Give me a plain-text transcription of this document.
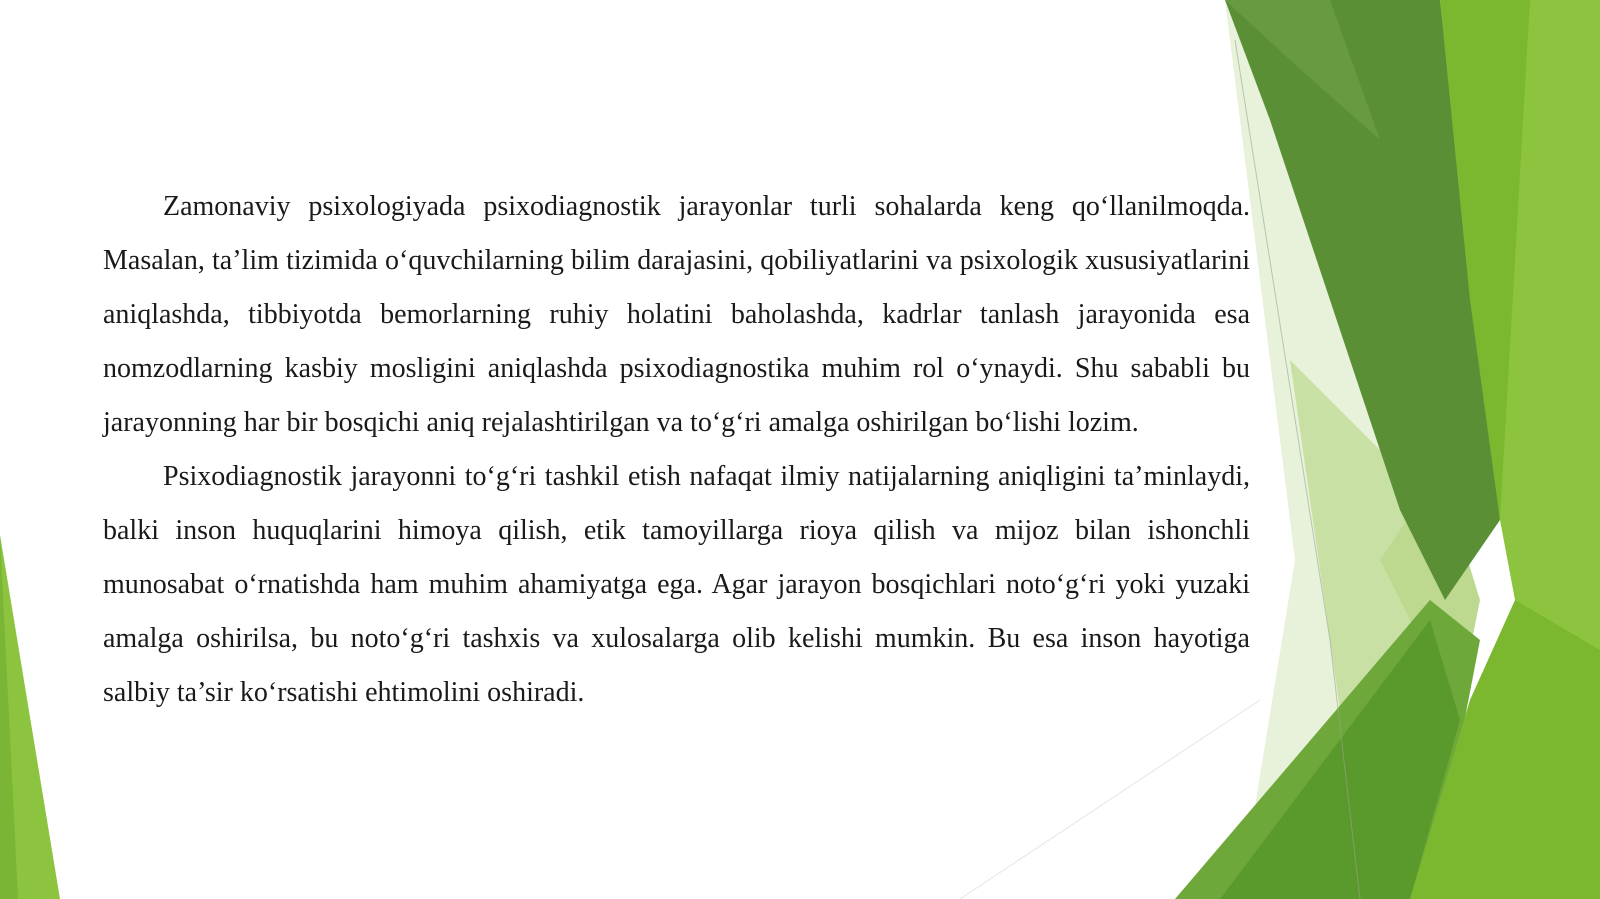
Zamonaviy psixologiyada psixodiagnostik jarayonlar turli sohalarda keng qo‘llanilmoqda. Masalan, ta’lim tizimida o‘quvchilarning bilim darajasini, qobiliyatlarini va psixologik xususiyatlarini aniqlashda, tibbiyotda bemorlarning ruhiy holatini baholashda, kadrlar tanlash jarayonida esa nomzodlarning kasbiy mosligini aniqlashda psixodiagnostika muhim rol o‘ynaydi. Shu sababli bu jarayonning har bir bosqichi aniq rejalashtirilgan va to‘g‘ri amalga oshirilgan bo‘lishi lozim.

Psixodiagnostik jarayonni to‘g‘ri tashkil etish nafaqat ilmiy natijalarning aniqligini ta’minlaydi, balki inson huquqlarini himoya qilish, etik tamoyillarga rioya qilish va mijoz bilan ishonchli munosabat o‘rnatishda ham muhim ahamiyatga ega. Agar jarayon bosqichlari noto‘g‘ri yoki yuzaki amalga oshirilsa, bu noto‘g‘ri tashxis va xulosalarga olib kelishi mumkin. Bu esa inson hayotiga salbiy ta’sir ko‘rsatishi ehtimolini oshiradi.
